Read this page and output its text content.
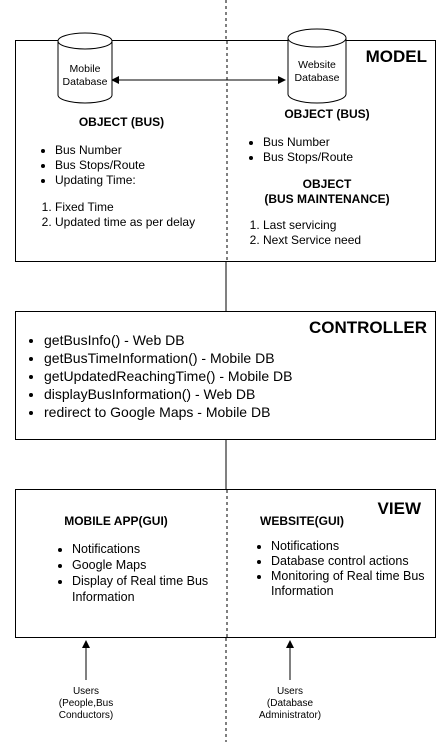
MODEL
Mobile
Database
Website
Database
OBJECT (BUS)
• Bus Number
• Bus Stops/Route
• Updating Time:
1. Fixed Time
2. Updated time as per delay
OBJECT (BUS)
• Bus Number
• Bus Stops/Route
OBJECT
(BUS MAINTENANCE)
1. Last servicing
2. Next Service need
CONTROLLER
• getBusInfo() - Web DB
• getBusTimeInformation() - Mobile DB
• getUpdatedReachingTime() - Mobile DB
• displayBusInformation() - Web DB
• redirect to Google Maps - Mobile DB
VIEW
MOBILE APP(GUI)
• Notifications
• Google Maps
• Display of Real time Bus Information
WEBSITE(GUI)
• Notifications
• Database control actions
• Monitoring of Real time Bus Information
Users
(People,Bus
Conductors)
Users
(Database
Administrator)
